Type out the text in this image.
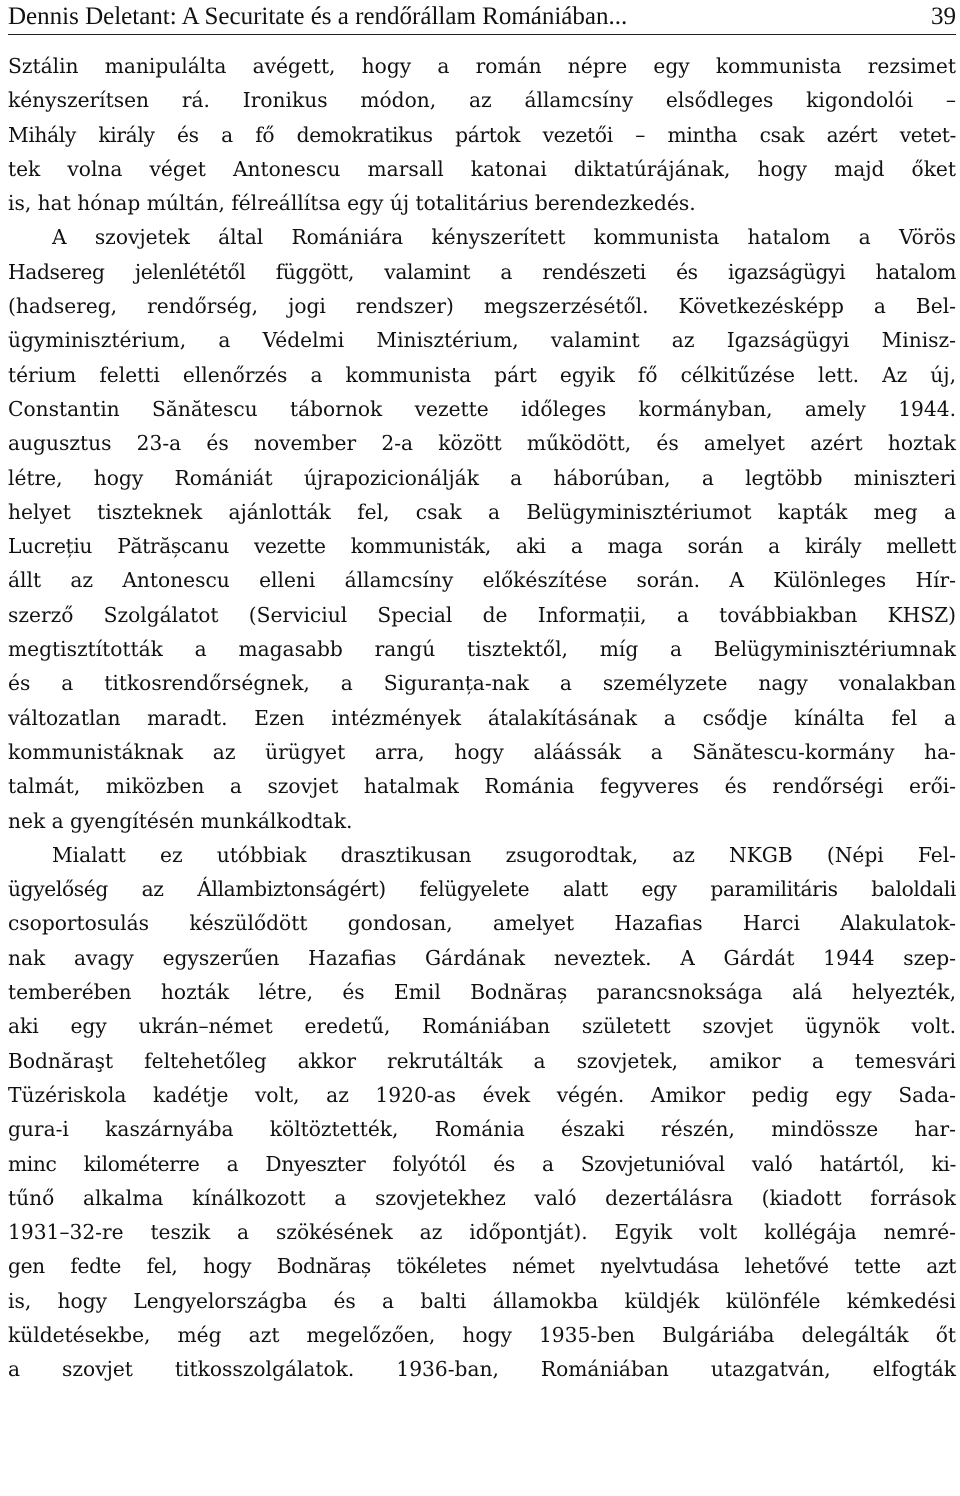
Dennis Deletant: A Securitate és a rendőrállam Romániában...	39
Sztálin manipulálta avégett, hogy a román népre egy kommunista rezsimet
kényszerítsen rá. Ironikus módon, az államcsíny elsődleges kigondolói –
Mihály király és a fő demokratikus pártok vezetői – mintha csak azért vetet-
tek volna véget Antonescu marsall katonai diktatúrájának, hogy majd őket
is, hat hónap múltán, félreállítsa egy új totalitárius berendezkedés.
A szovjetek által Romániára kényszerített kommunista hatalom a Vörös
Hadsereg jelenlététől függött, valamint a rendészeti és igazságügyi hatalom
(hadsereg, rendőrség, jogi rendszer) megszerzésétől. Következésképp a Bel-
ügyminisztérium, a Védelmi Minisztérium, valamint az Igazságügyi Minisz-
térium feletti ellenőrzés a kommunista párt egyik fő célkitűzése lett. Az új,
Constantin Sănătescu tábornok vezette időleges kormányban, amely 1944.
augusztus 23-a és november 2-a között működött, és amelyet azért hoztak
létre, hogy Romániát újrapozicionálják a háborúban, a legtöbb miniszteri
helyet tiszteknek ajánlották fel, csak a Belügyminisztériumot kapták meg a
Lucrețiu Pătrășcanu vezette kommunisták, aki a maga során a király mellett
állt az Antonescu elleni államcsíny előkészítése során. A Különleges Hír-
szerző Szolgálatot (Serviciul Special de Informații, a továbbiakban KHSZ)
megtisztították a magasabb rangú tisztektől, míg a Belügyminisztériumnak
és a titkosrendőrségnek, a Siguranța-nak a személyzete nagy vonalakban
változatlan maradt. Ezen intézmények átalakításának a csődje kínálta fel a
kommunistáknak az ürügyet arra, hogy aláássák a Sănătescu-kormány ha-
talmát, miközben a szovjet hatalmak Románia fegyveres és rendőrségi erői-
nek a gyengítésén munkálkodtak.
Mialatt ez utóbbiak drasztikusan zsugorodtak, az NKGB (Népi Fel-
ügyelőség az Állambiztonságért) felügyelete alatt egy paramilitáris baloldali
csoportosulás készülődött gondosan, amelyet Hazafias Harci Alakulatok-
nak avagy egyszerűen Hazafias Gárdának neveztek. A Gárdát 1944 szep-
temberében hozták létre, és Emil Bodnăraș parancsnoksága alá helyezték,
aki egy ukrán–német eredetű, Romániában született szovjet ügynök volt.
Bodnăraşt feltehetőleg akkor rekrutálták a szovjetek, amikor a temesvári
Tüzériskola kadétje volt, az 1920-as évek végén. Amikor pedig egy Sada-
gura-i kaszárnyába költöztették, Románia északi részén, mindössze har-
minc kilométerre a Dnyeszter folyótól és a Szovjetunióval való határtól, ki-
tűnő alkalma kínálkozott a szovjetekhez való dezertálásra (kiadott források
1931–32-re teszik a szökésének az időpontját). Egyik volt kollégája nemré-
gen fedte fel, hogy Bodnăraș tökéletes német nyelvtudása lehetővé tette azt
is, hogy Lengyelországba és a balti államokba küldjék különféle kémkedési
küldetésekbe, még azt megelőzően, hogy 1935-ben Bulgáriába delegálták őt
a szovjet titkosszolgálatok. 1936-ban, Romániában utazgatván, elfogták
